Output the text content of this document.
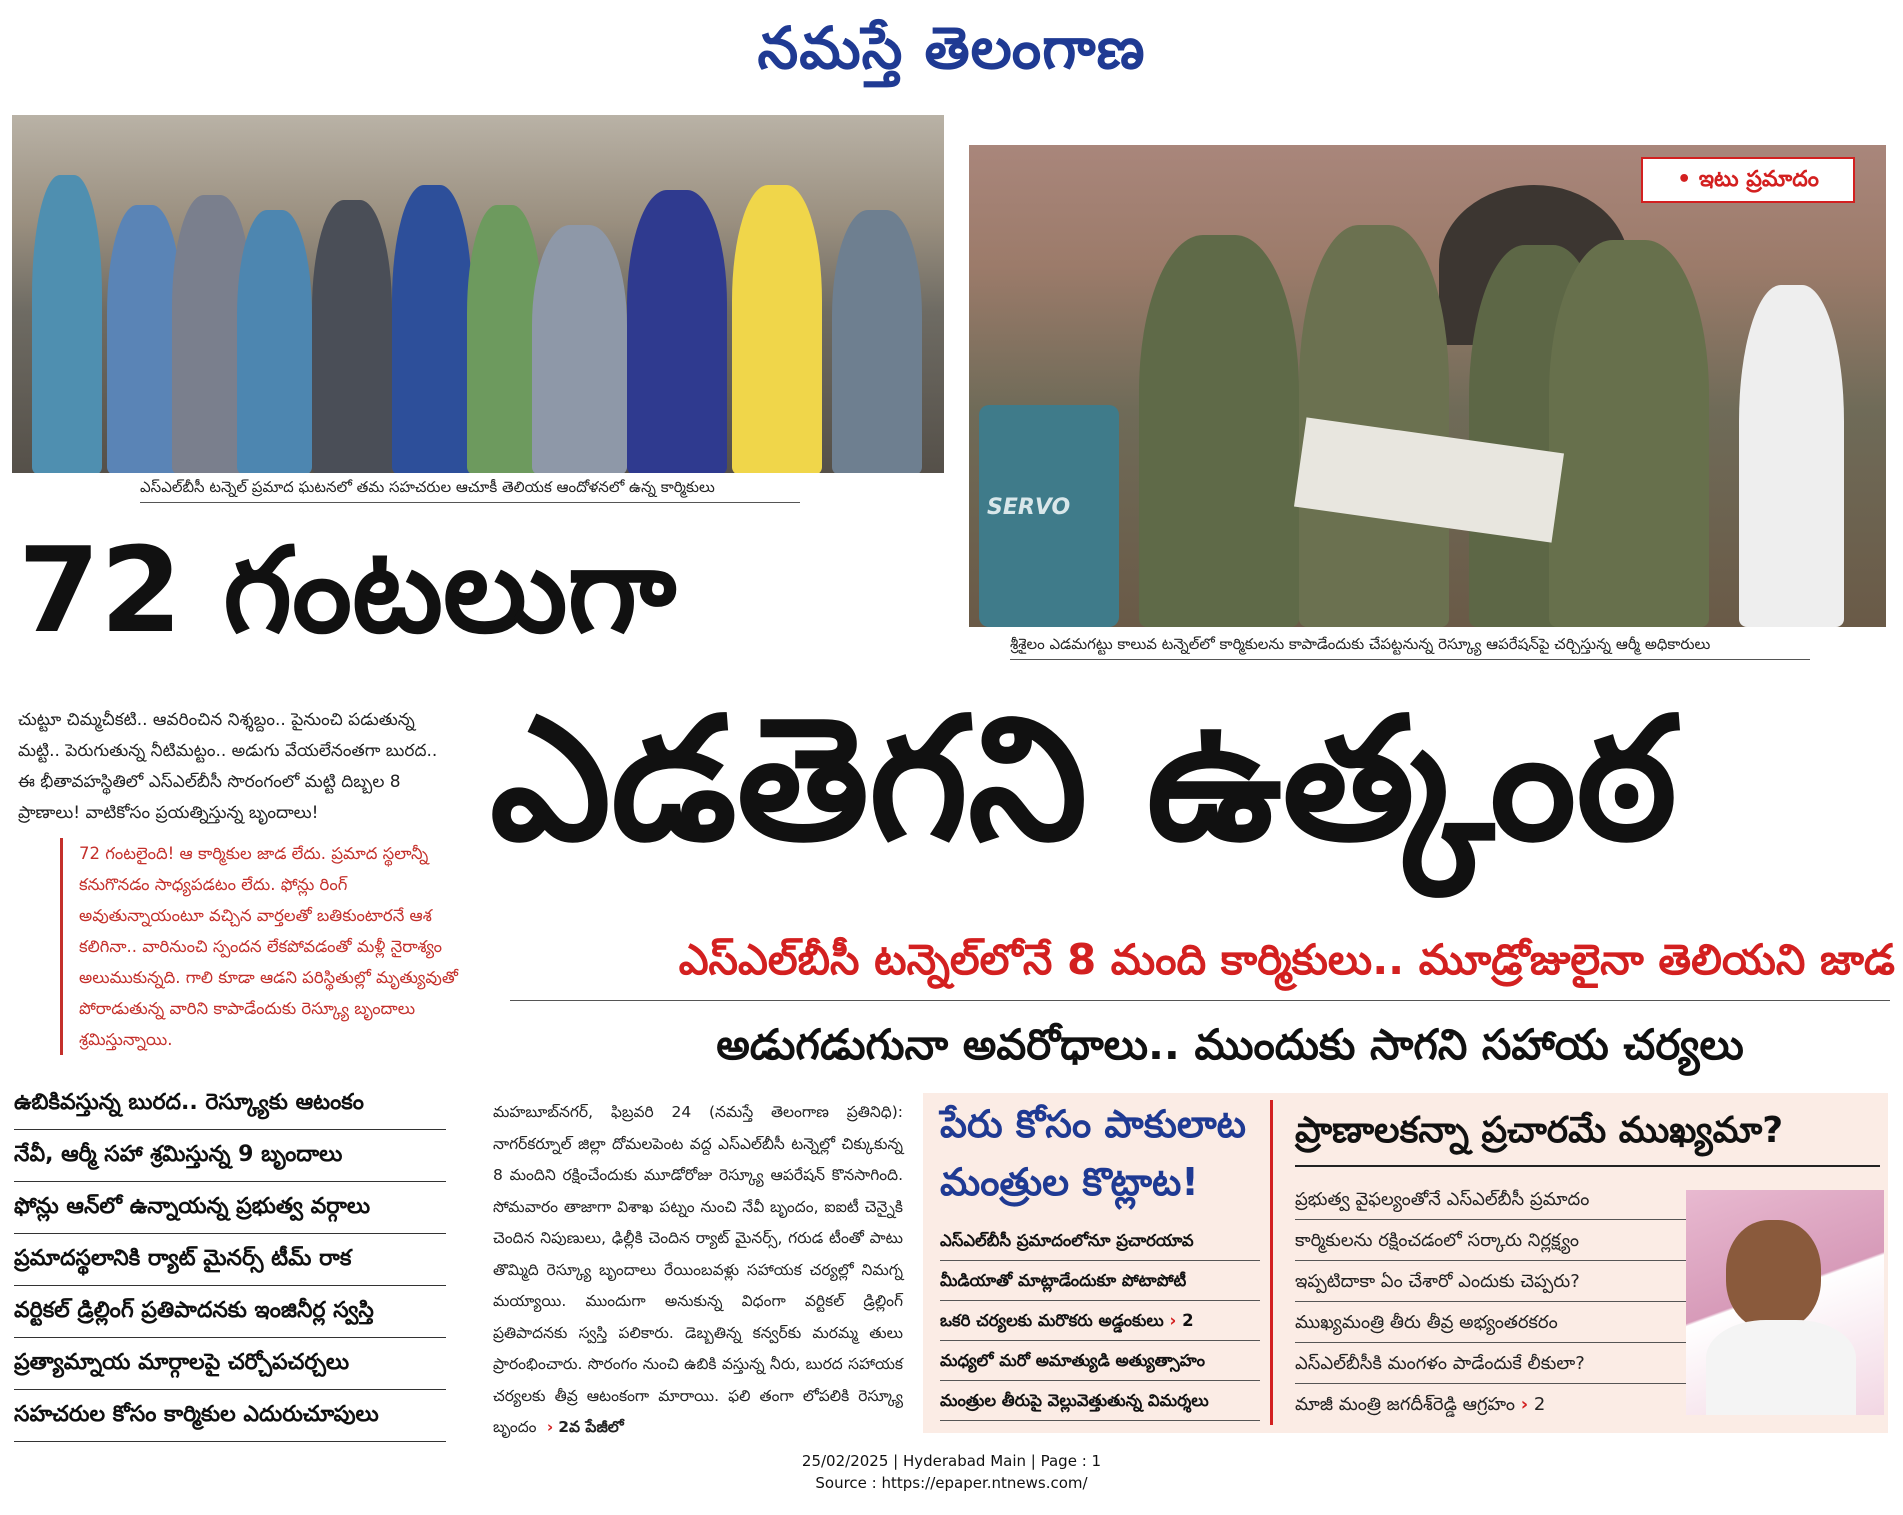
నమస్తే తెలంగాణ
ఎస్‌ఎల్‌బీసీ టన్నెల్ ప్రమాద ఘటనలో తమ సహచరుల ఆచూకీ తెలియక ఆందోళనలో ఉన్న కార్మికులు
SERVO
• ఇటు ప్రమాదం
శ్రీశైలం ఎడమగట్టు కాలువ టన్నెల్‌లో కార్మికులను కాపాడేందుకు చేపట్టనున్న రెస్క్యూ ఆపరేషన్‌పై చర్చిస్తున్న ఆర్మీ అధికారులు
72 గంటలుగా
ఎడతెగని ఉత్కంఠ
చుట్టూ చిమ్మచీకటి.. ఆవరించిన నిశ్శబ్దం.. పైనుంచి పడుతున్న మట్టి.. పెరుగుతున్న నీటిమట్టం.. అడుగు వేయలేనంతగా బురద.. ఈ భీతావహస్థితిలో ఎస్‌ఎల్‌బీసీ సొరంగంలో మట్టి దిబ్బల 8 ప్రాణాలు! వాటికోసం ప్రయత్నిస్తున్న బృందాలు!
72 గంటలైంది! ఆ కార్మికుల జాడ లేదు. ప్రమాద స్థలాన్నీ కనుగొనడం సాధ్యపడటం లేదు. ఫోన్లు రింగ్ అవుతున్నాయంటూ వచ్చిన వార్తలతో బతికుంటారనే ఆశ కలిగినా.. వారినుంచి స్పందన లేకపోవడంతో మళ్లీ నైరాశ్యం అలుముకున్నది. గాలి కూడా ఆడని పరిస్థితుల్లో మృత్యువుతో పోరాడుతున్న వారిని కాపాడేందుకు రెస్క్యూ బృందాలు శ్రమిస్తున్నాయి.
ఎస్‌ఎల్‌బీసీ టన్నెల్‌లోనే 8 మంది కార్మికులు.. మూడ్రోజులైనా తెలియని జాడ
అడుగడుగునా అవరోధాలు.. ముందుకు సాగని సహాయ చర్యలు
ఉబికివస్తున్న బురద.. రెస్క్యూకు ఆటంకం
నేవీ, ఆర్మీ సహా శ్రమిస్తున్న 9 బృందాలు
ఫోన్లు ఆన్‌లో ఉన్నాయన్న ప్రభుత్వ వర్గాలు
ప్రమాదస్థలానికి ర్యాట్ మైనర్స్ టీమ్ రాక
వర్టికల్ డ్రిల్లింగ్ ప్రతిపాదనకు ఇంజినీర్ల స్వస్తి
ప్రత్యామ్నాయ మార్గాలపై చర్చోపచర్చలు
సహచరుల కోసం కార్మికుల ఎదురుచూపులు
మహబూబ్‌నగర్, ఫిబ్రవరి 24 (నమస్తే తెలంగాణ ప్రతినిధి): నాగర్‌కర్నూల్ జిల్లా దోమలపెంట వద్ద ఎస్‌ఎల్‌బీసీ టన్నెల్లో చిక్కుకున్న 8 మందిని రక్షించేందుకు మూడోరోజు రెస్క్యూ ఆపరేషన్ కొనసాగింది. సోమవారం తాజాగా విశాఖ పట్నం నుంచి నేవీ బృందం, ఐఐటీ చెన్నైకి చెందిన నిపుణులు, ఢిల్లీకి చెందిన ర్యాట్ మైనర్స్, గరుడ టీంతో పాటు తొమ్మిది రెస్క్యూ బృందాలు రేయింబవళ్లు సహాయక చర్యల్లో నిమగ్న మయ్యాయి. ముందుగా అనుకున్న విధంగా వర్టికల్ డ్రిల్లింగ్ ప్రతిపాదనకు స్వస్తి పలికారు. డెబ్బతిన్న కన్వర్‌కు మరమ్మ తులు ప్రారంభించారు. సొరంగం నుంచి ఉబికి వస్తున్న నీరు, బురద సహాయక చర్యలకు తీవ్ర ఆటంకంగా మారాయి. ఫలి తంగా లోపలికి రెస్క్యూ బృందం  › 2వ పేజీలో
పేరు కోసం పాకులాట
మంత్రుల కొట్లాట!
ఎస్‌ఎల్‌బీసీ ప్రమాదంలోనూ ప్రచారయావ
మీడియాతో మాట్లాడేందుకూ పోటాపోటీ
ఒకరి చర్యలకు మరొకరు అడ్డంకులు › 2
మధ్యలో మరో అమాత్యుడి అత్యుత్సాహం
మంత్రుల తీరుపై వెల్లువెత్తుతున్న విమర్శలు
ప్రాణాలకన్నా ప్రచారమే ముఖ్యమా?
ప్రభుత్వ వైఫల్యంతోనే ఎస్‌ఎల్‌బీసీ ప్రమాదం
కార్మికులను రక్షించడంలో సర్కారు నిర్లక్ష్యం
ఇప్పటిదాకా ఏం చేశారో ఎందుకు చెప్పరు?
ముఖ్యమంత్రి తీరు తీవ్ర అభ్యంతరకరం
ఎస్‌ఎల్‌బీసీకి మంగళం పాడేందుకే లీకులా?
మాజీ మంత్రి జగదీశ్‌రెడ్డి ఆగ్రహం › 2
25/02/2025 | Hyderabad Main | Page : 1
Source : https://epaper.ntnews.com/
